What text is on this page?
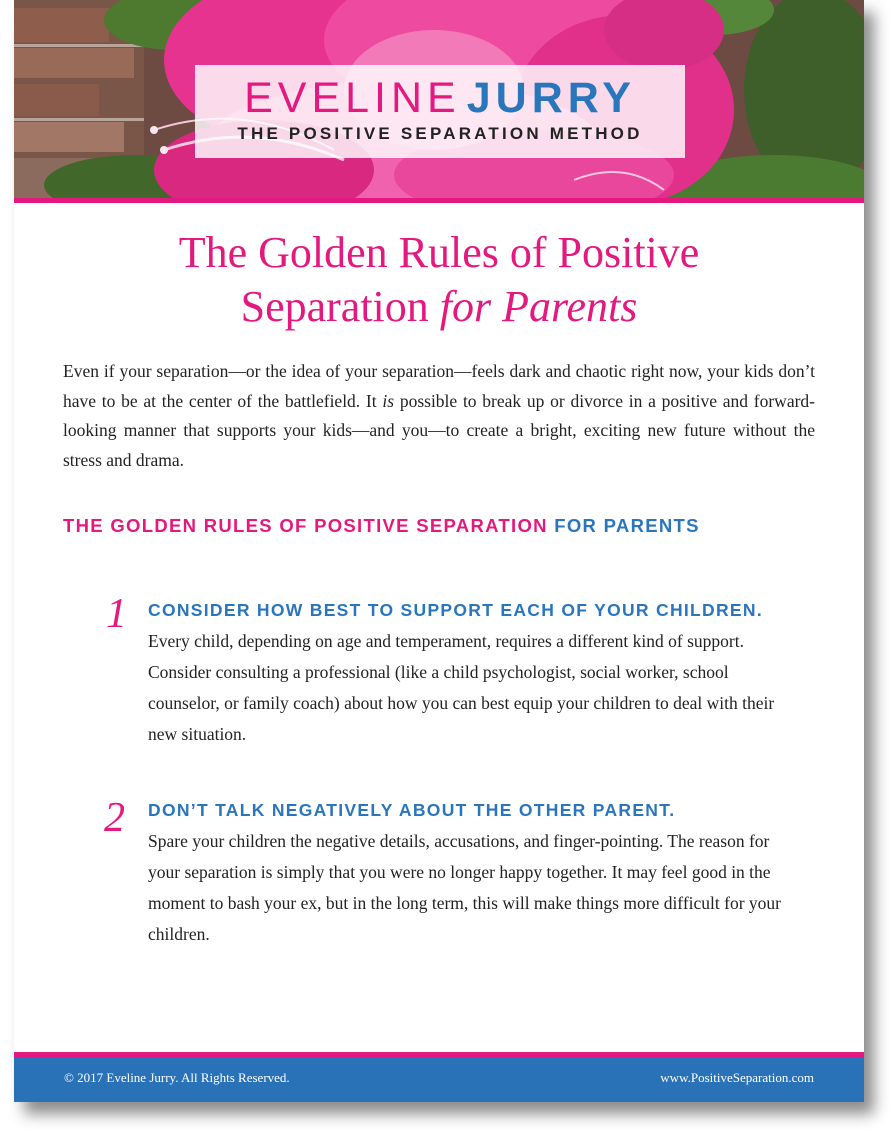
EVELINE JURRY
THE POSITIVE SEPARATION METHOD
The Golden Rules of Positive
Separation for Parents

Even if your separation—or the idea of your separation—feels dark and chaotic right now, your kids don’t have to be at the center of the battlefield. It is possible to break up or divorce in a positive and forward-looking manner that supports your kids—and you—to create a bright, exciting new future without the stress and drama.

THE GOLDEN RULES OF POSITIVE SEPARATION FOR PARENTS
1 CONSIDER HOW BEST TO SUPPORT EACH OF YOUR CHILDREN. Every child, depending on age and temperament, requires a different kind of support. Consider consulting a professional (like a child psychologist, social worker, school counselor, or family coach) about how you can best equip your children to deal with their new situation.

2 DON’T TALK NEGATIVELY ABOUT THE OTHER PARENT.
Spare your children the negative details, accusations, and finger-pointing. The reason for your separation is simply that you were no longer happy together. It may feel good in the moment to bash your ex, but in the long term, this will make things more difficult for your children.
© 2017 Eveline Jurry. All Rights Reserved.	www.PositiveSeparation.com
